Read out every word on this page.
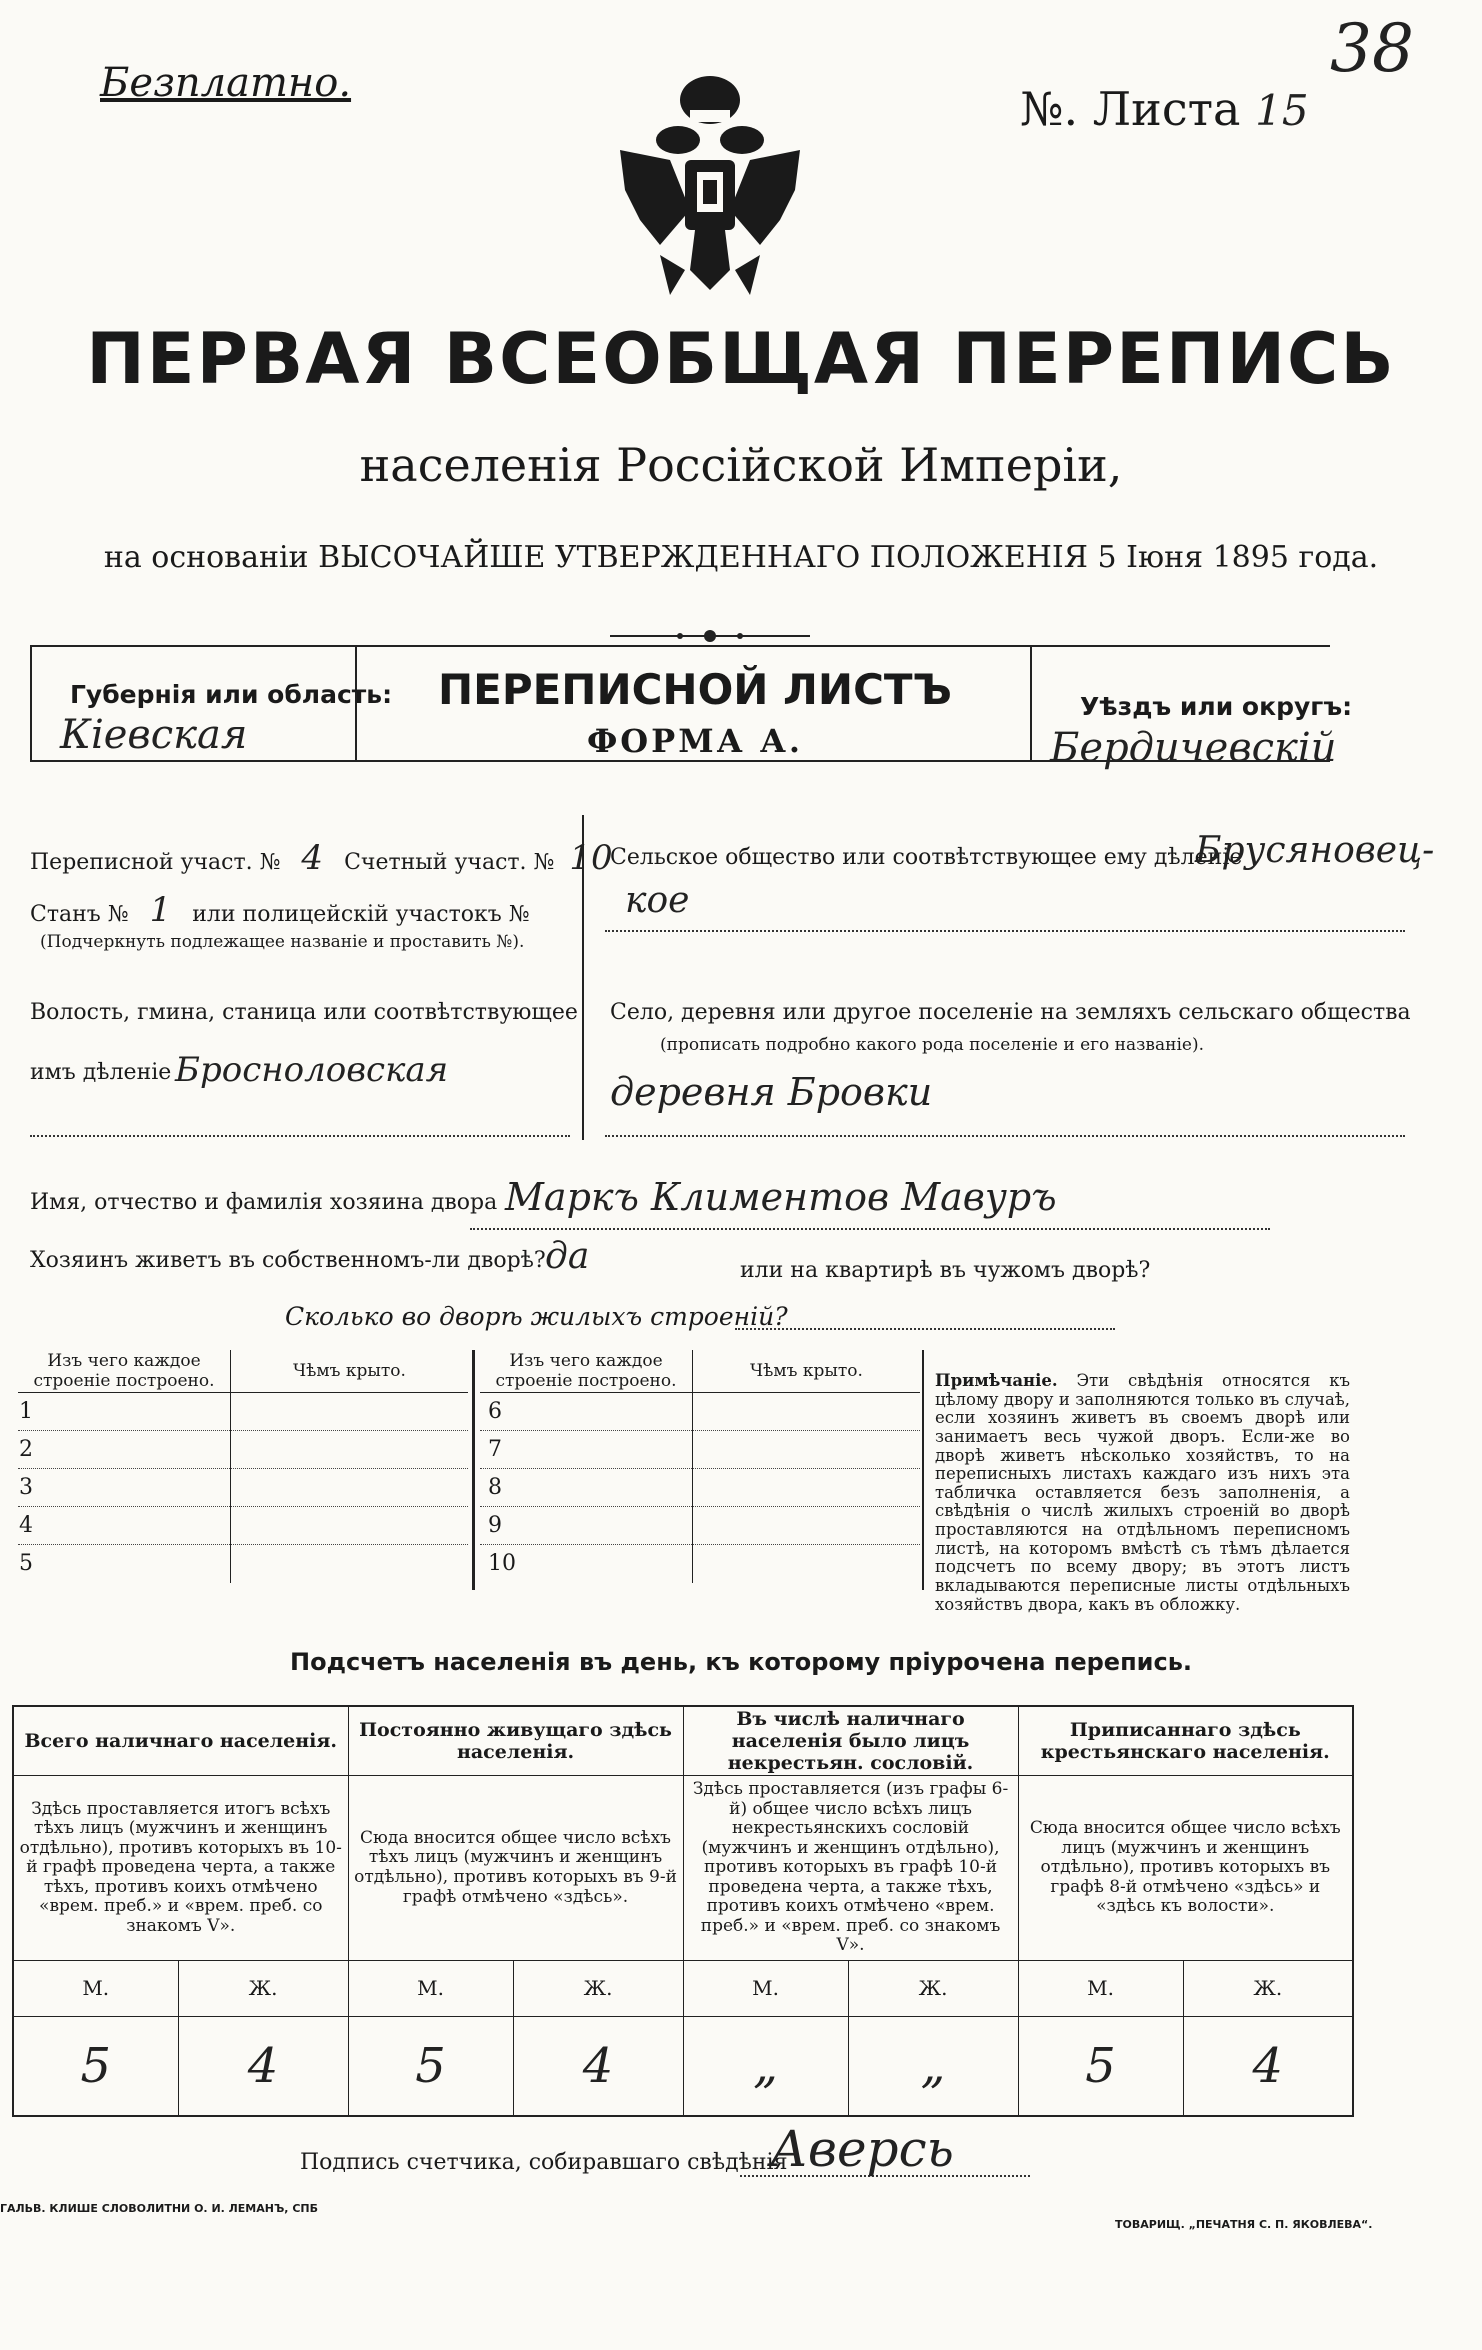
Безплатно.	№. Листа 15
38
ПЕРВАЯ ВСЕОБЩАЯ ПЕРЕПИСЬ
населенія Россійской Имперіи,
на основаніи ВЫСОЧАЙШЕ УТВЕРЖДЕННАГО ПОЛОЖЕНІЯ 5 Іюня 1895 года.
Губернія или область:
Кіевская
ПЕРЕПИСНОЙ ЛИСТЪ
ФОРМА А.
Уѣздъ или округъ:
Бердичевскій
Переписной участ. № 4 Счетный участ. № 10
Станъ № 1 или полицейскій участокъ №
(Подчеркнуть подлежащее названіе и проставить №).
Волость, гмина, станица или соотвѣтствующее
имъ дѣленіе Бросноловская
Сельское общество или соотвѣтствующее ему дѣленіе
Брусяновец-
кое
Село, деревня или другое поселеніе на земляхъ сельскаго общества
(прописать подробно какого рода поселеніе и его названіе).
деревня Бровки
Имя, отчество и фамилія хозяина двора Маркъ Климентов Мавуръ
Хозяинъ живетъ въ собственномъ-ли дворѣ? да	или на квартирѣ въ чужомъ дворѣ?
Сколько во дворѣ жилыхъ строеній?
Изъ чего каждое строеніе построено.	Чѣмъ крыто.
1	
2	
3	
4	
5	
Изъ чего каждое строеніе построено.	Чѣмъ крыто.
6	
7	
8	
9	
10	
Примѣчаніе. Эти свѣдѣнія относятся къ цѣлому двору и заполняются только въ случаѣ, если хозяинъ живетъ въ своемъ дворѣ или занимаетъ весь чужой дворъ. Если-же во дворѣ живетъ нѣсколько хозяйствъ, то на переписныхъ листахъ каждаго изъ нихъ эта табличка оставляется безъ заполненія, а свѣдѣнія о числѣ жилыхъ строеній во дворѣ проставляются на отдѣльномъ переписномъ листѣ, на которомъ вмѣстѣ съ тѣмъ дѣлается подсчетъ по всему двору; въ этотъ листъ вкладываются переписные листы отдѣльныхъ хозяйствъ двора, какъ въ обложку.
Подсчетъ населенія въ день, къ которому пріурочена перепись.
Всего наличнаго населенія.		Постоянно живущаго здѣсь населенія.		Въ числѣ наличнаго населенія было лицъ некрестьян. сословій.		Приписаннаго здѣсь крестьянскаго населенія.	
Здѣсь проставляется итогъ всѣхъ тѣхъ лицъ (мужчинъ и женщинъ отдѣльно), противъ которыхъ въ 10-й графѣ проведена черта, а также тѣхъ, противъ коихъ отмѣчено «врем. преб.» и «врем. преб. со знакомъ V».		Сюда вносится общее число всѣхъ тѣхъ лицъ (мужчинъ и женщинъ отдѣльно), противъ которыхъ въ 9-й графѣ отмѣчено «здѣсь».		Здѣсь проставляется (изъ графы 6-й) общее число всѣхъ лицъ некрестьянскихъ сословій (мужчинъ и женщинъ отдѣльно), противъ которыхъ въ графѣ 10-й проведена черта, а также тѣхъ, противъ коихъ отмѣчено «врем. преб.» и «врем. преб. со знакомъ V».		Сюда вносится общее число всѣхъ лицъ (мужчинъ и женщинъ отдѣльно), противъ которыхъ въ графѣ 8-й отмѣчено «здѣсь» и «здѣсь къ волости».	
М.	Ж.	М.	Ж.	М.	Ж.	М.	Ж.
5	4	5	4	„	„	5	4
Подпись счетчика, собиравшаго свѣдѣнія
Аверсь
ГАЛЬВ. КЛИШЕ СЛОВОЛИТНИ О. И. ЛЕМАНЪ, СПБ
ТОВАРИЩ. „ПЕЧАТНЯ С. П. ЯКОВЛЕВА“.
